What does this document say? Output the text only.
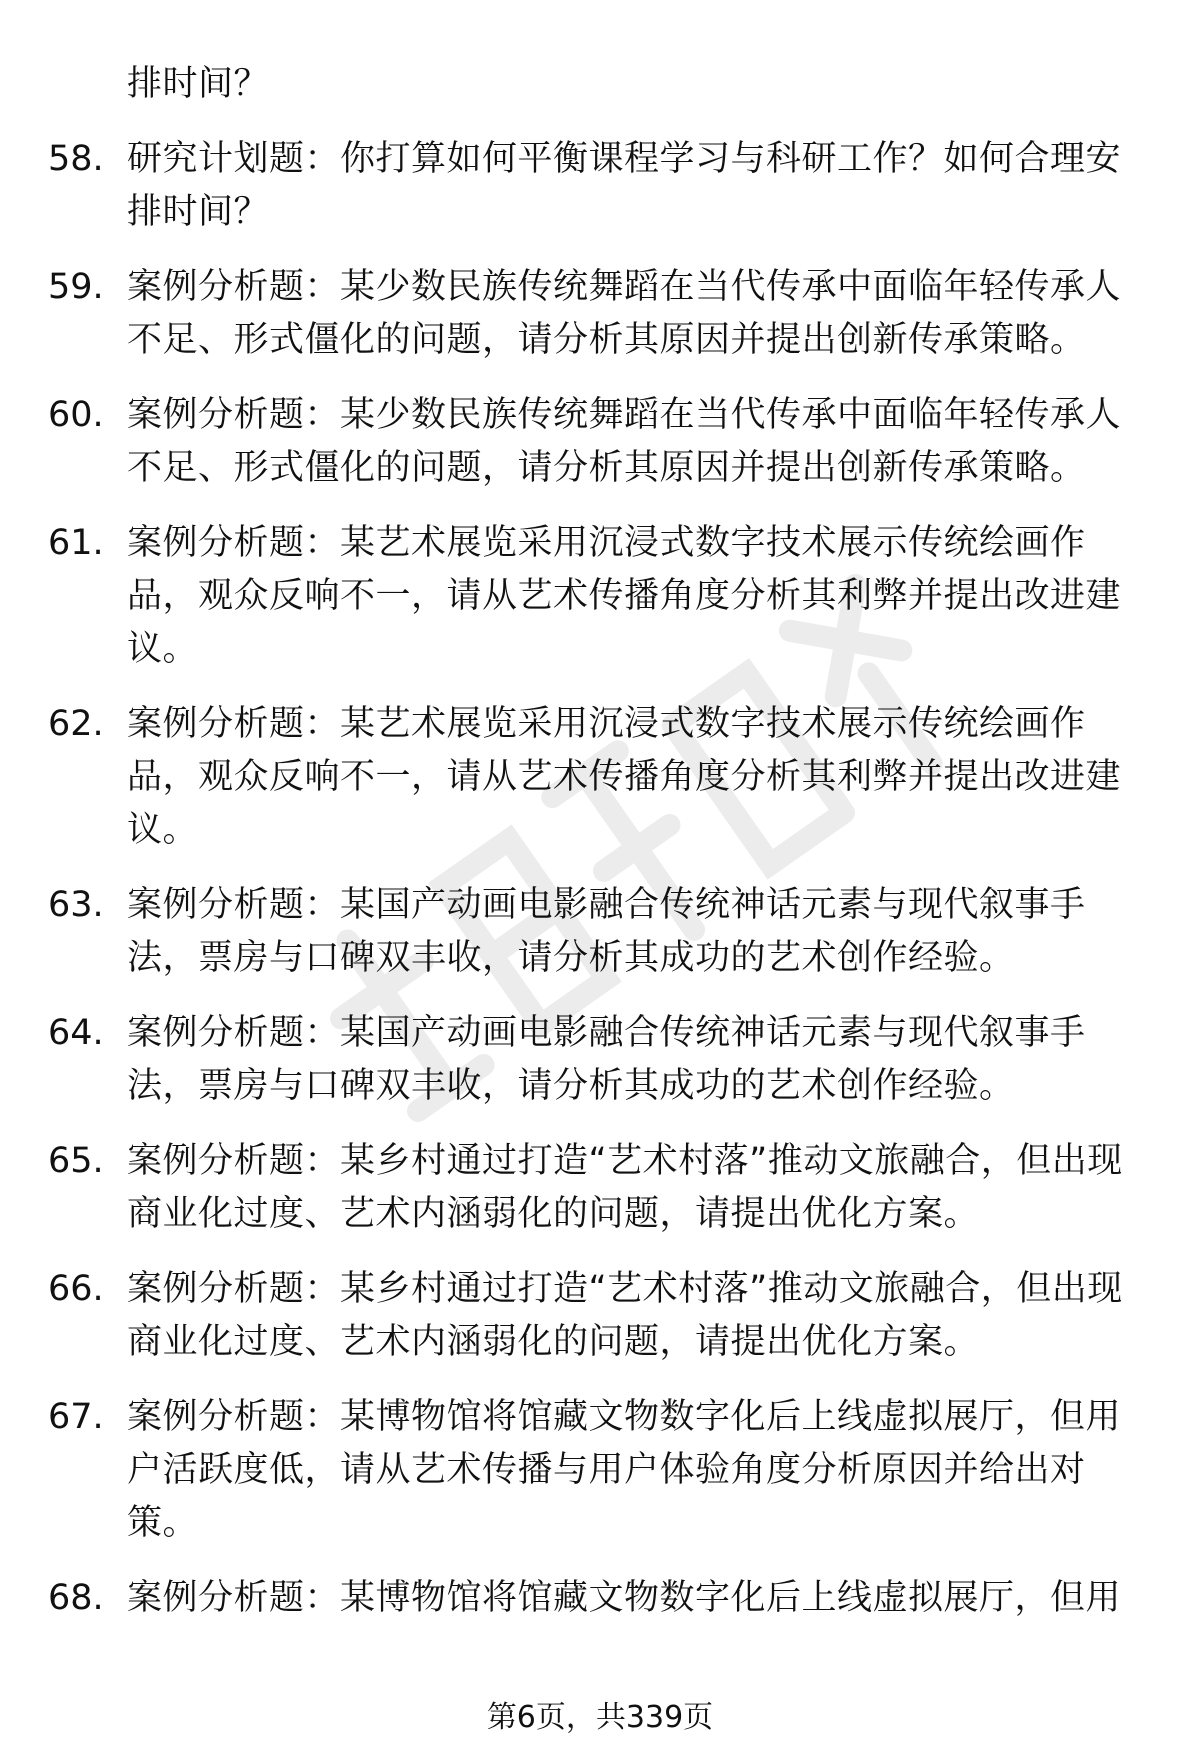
排时间？
58. 研究计划题：你打算如何平衡课程学习与科研工作？如何合理安排时间？
59. 案例分析题：某少数民族传统舞蹈在当代传承中面临年轻传承人不足、形式僵化的问题，请分析其原因并提出创新传承策略。
60. 案例分析题：某少数民族传统舞蹈在当代传承中面临年轻传承人不足、形式僵化的问题，请分析其原因并提出创新传承策略。
61. 案例分析题：某艺术展览采用沉浸式数字技术展示传统绘画作品，观众反响不一，请从艺术传播角度分析其利弊并提出改进建议。
62. 案例分析题：某艺术展览采用沉浸式数字技术展示传统绘画作品，观众反响不一，请从艺术传播角度分析其利弊并提出改进建议。
63. 案例分析题：某国产动画电影融合传统神话元素与现代叙事手法，票房与口碑双丰收，请分析其成功的艺术创作经验。
64. 案例分析题：某国产动画电影融合传统神话元素与现代叙事手法，票房与口碑双丰收，请分析其成功的艺术创作经验。
65. 案例分析题：某乡村通过打造“艺术村落”推动文旅融合，但出现商业化过度、艺术内涵弱化的问题，请提出优化方案。
66. 案例分析题：某乡村通过打造“艺术村落”推动文旅融合，但出现商业化过度、艺术内涵弱化的问题，请提出优化方案。
67. 案例分析题：某博物馆将馆藏文物数字化后上线虚拟展厅，但用户活跃度低，请从艺术传播与用户体验角度分析原因并给出对策。
68. 案例分析题：某博物馆将馆藏文物数字化后上线虚拟展厅，但用
第6页，共339页
